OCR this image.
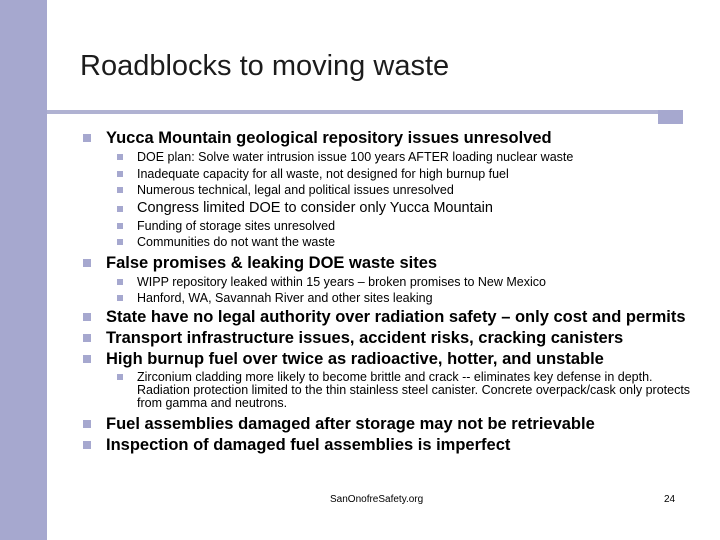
Roadblocks to moving waste
Yucca Mountain geological repository issues unresolved
DOE plan: Solve water intrusion issue 100 years AFTER loading nuclear waste
Inadequate capacity for all waste, not designed for high burnup fuel
Numerous technical, legal and political issues unresolved
Congress limited DOE to consider only Yucca Mountain
Funding of storage sites unresolved
Communities do not want the waste
False promises & leaking DOE waste sites
WIPP repository leaked within 15 years – broken promises to New Mexico
Hanford, WA, Savannah River and other sites leaking
State have no legal authority over radiation safety – only cost and permits
Transport infrastructure issues, accident risks, cracking canisters
High burnup fuel over twice as radioactive, hotter, and unstable
Zirconium cladding more likely to become brittle and crack -- eliminates key defense in depth. Radiation protection limited to the thin stainless steel canister. Concrete overpack/cask only protects from gamma and neutrons.
Fuel assemblies damaged after storage may not be retrievable
Inspection of damaged fuel assemblies is imperfect
SanOnofreSafety.org	24
